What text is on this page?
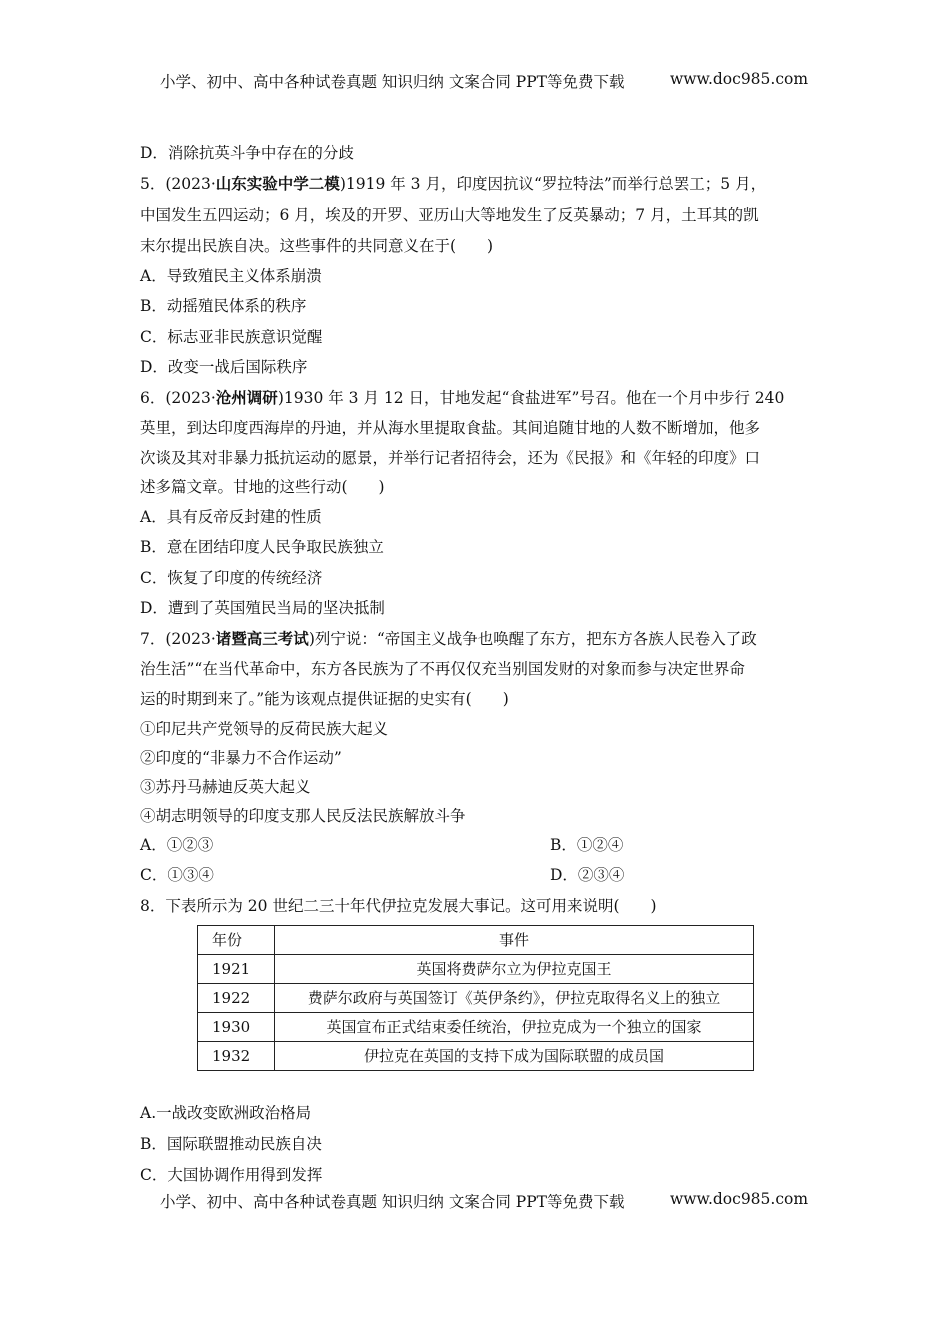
小学、初中、高中各种试卷真题 知识归纳 文案合同 PPT等免费下载	www.doc985.com
D．消除抗英斗争中存在的分歧
5．(2023·山东实验中学二模)1919 年 3 月，印度因抗议“罗拉特法”而举行总罢工；5 月，
中国发生五四运动；6 月，埃及的开罗、亚历山大等地发生了反英暴动；7 月，土耳其的凯
末尔提出民族自决。这些事件的共同意义在于(　　)
A．导致殖民主义体系崩溃
B．动摇殖民体系的秩序
C．标志亚非民族意识觉醒
D．改变一战后国际秩序
6．(2023·沧州调研)1930 年 3 月 12 日，甘地发起“食盐进军”号召。他在一个月中步行 240
英里，到达印度西海岸的丹迪，并从海水里提取食盐。其间追随甘地的人数不断增加，他多
次谈及其对非暴力抵抗运动的愿景，并举行记者招待会，还为《民报》和《年轻的印度》口
述多篇文章。甘地的这些行动(　　)
A．具有反帝反封建的性质
B．意在团结印度人民争取民族独立
C．恢复了印度的传统经济
D．遭到了英国殖民当局的坚决抵制
7．(2023·诸暨高三考试)列宁说：“帝国主义战争也唤醒了东方，把东方各族人民卷入了政
治生活”“在当代革命中，东方各民族为了不再仅仅充当别国发财的对象而参与决定世界命
运的时期到来了。”能为该观点提供证据的史实有(　　)
①印尼共产党领导的反荷民族大起义
②印度的“非暴力不合作运动”
③苏丹马赫迪反英大起义
④胡志明领导的印度支那人民反法民族解放斗争
A．①②③	B．①②④
C．①③④	D．②③④
8．下表所示为 20 世纪二三十年代伊拉克发展大事记。这可用来说明(　　)
年份	事件
1921	英国将费萨尔立为伊拉克国王
1922	费萨尔政府与英国签订《英伊条约》，伊拉克取得名义上的独立
1930	英国宣布正式结束委任统治，伊拉克成为一个独立的国家
1932	伊拉克在英国的支持下成为国际联盟的成员国
A.一战改变欧洲政治格局
B．国际联盟推动民族自决
C．大国协调作用得到发挥
小学、初中、高中各种试卷真题 知识归纳 文案合同 PPT等免费下载	www.doc985.com
